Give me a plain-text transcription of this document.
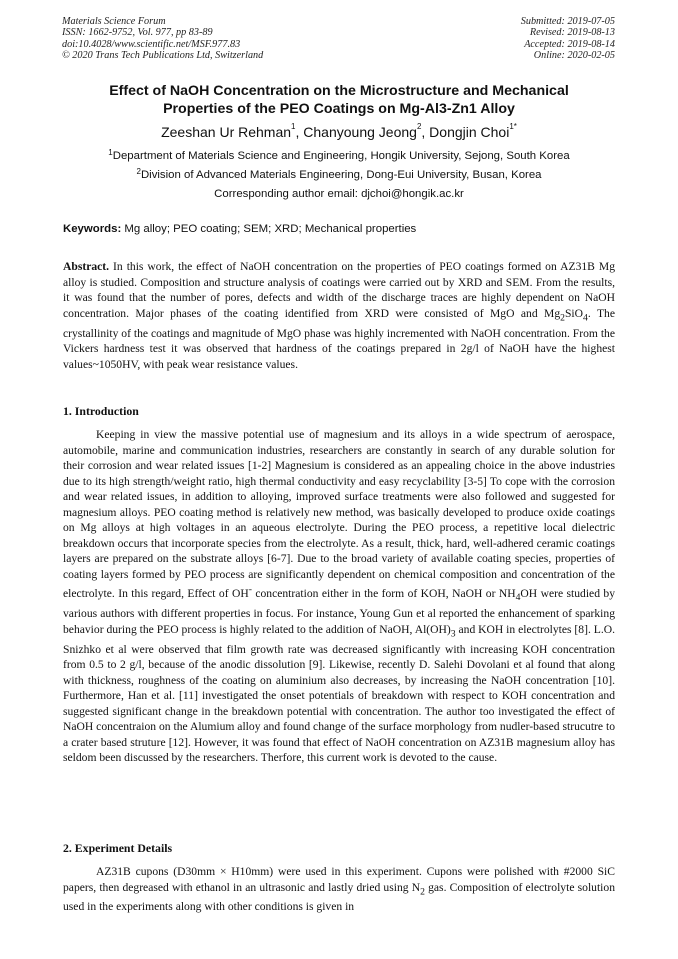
Materials Science Forum
ISSN: 1662-9752, Vol. 977, pp 83-89
doi:10.4028/www.scientific.net/MSF.977.83
© 2020 Trans Tech Publications Ltd, Switzerland
Submitted: 2019-07-05
Revised: 2019-08-13
Accepted: 2019-08-14
Online: 2020-02-05
Effect of NaOH Concentration on the Microstructure and Mechanical
Properties of the PEO Coatings on Mg-Al3-Zn1 Alloy
Zeeshan Ur Rehman$^1$, Chanyoung Jeong$^2$, Dongjin Choi$^{1*}$
$^1$Department of Materials Science and Engineering, Hongik University, Sejong, South Korea
$^2$Division of Advanced Materials Engineering, Dong-Eui University, Busan, Korea
Corresponding author email: djchoi@hongik.ac.kr
Keywords: Mg alloy; PEO coating; SEM; XRD; Mechanical properties

Abstract. In this work, the effect of NaOH concentration on the properties of PEO coatings formed on AZ31B Mg alloy is studied. Composition and structure analysis of coatings were carried out by XRD and SEM. From the results, it was found that the number of pores, defects and width of the discharge traces are highly dependent on NaOH concentration. Major phases of the coating identified from XRD were consisted of MgO and $Mg_2SiO_4$. The crystallinity of the coatings and magnitude of MgO phase was highly incremented with NaOH concentration. From the Vickers hardness test it was observed that hardness of the coatings prepared in 2g/l of NaOH have the highest values~1050HV, with peak wear resistance values.

1. Introduction

Keeping in view the massive potential use of magnesium and its alloys in a wide spectrum of aerospace, automobile, marine and communication industries, researchers are constantly in search of any durable solution for their corrosion and wear related issues [1-2] Magnesium is considered as an appealing choice in the above industries due to its high strength/weight ratio, high thermal conductivity and easy recyclability [3-5] To cope with the corrosion and wear related issues, in addition to alloying, improved surface treatments were also followed and suggested for magnesium alloys. PEO coating method is relatively new method, was basically developed to produce oxide coatings on Mg alloys at high voltages in an aqueous electrolyte. During the PEO process, a repetitive local dielectric breakdown occurs that incorporate species from the electrolyte. As a result, thick, hard, well-adhered ceramic coatings layers are prepared on the substrate alloys [6-7]. Due to the broad variety of available coating species, properties of coating layers formed by PEO process are significantly dependent on chemical composition and concentration of the electrolyte. In this regard, Effect of OH- concentration either in the form of KOH, NaOH or $NH_4OH$ were studied by various authors with different properties in focus. For instance, Young Gun et al reported the enhancement of sparking behavior during the PEO process is highly related to the addition of NaOH, $Al(OH)_3$ and KOH in electrolytes [8]. L.O. Snizhko et al were observed that film growth rate was decreased significantly with increasing KOH concentration from 0.5 to 2 g/l, because of the anodic dissolution [9]. Likewise, recently D. Salehi Dovolani et al found that along with thickness, roughness of the coating on aluminium also decreases, by increasing the NaOH concentration [10]. Furthermore, Han et al. [11] investigated the onset potentials of breakdown with respect to KOH concentration and suggested significant change in the breakdown potential with concentration. The author too investigated the effect of NaOH concentraion on the Alumium alloy and found change of the surface morphology from nudler-based strucutre to a crater based struture [12]. However, it was found that effect of NaOH concentration on AZ31B magnesium alloy has seldom been discussed by the researchers. Therfore, this current work is devoted to the cause.

2. Experiment Details

AZ31B cupons (D30mm × H10mm) were used in this experiment. Cupons were polished with #2000 SiC papers, then degreased with ethanol in an ultrasonic and lastly dried using $N_2$ gas. Composition of electrolyte solution used in the experiments along with other conditions is given in
